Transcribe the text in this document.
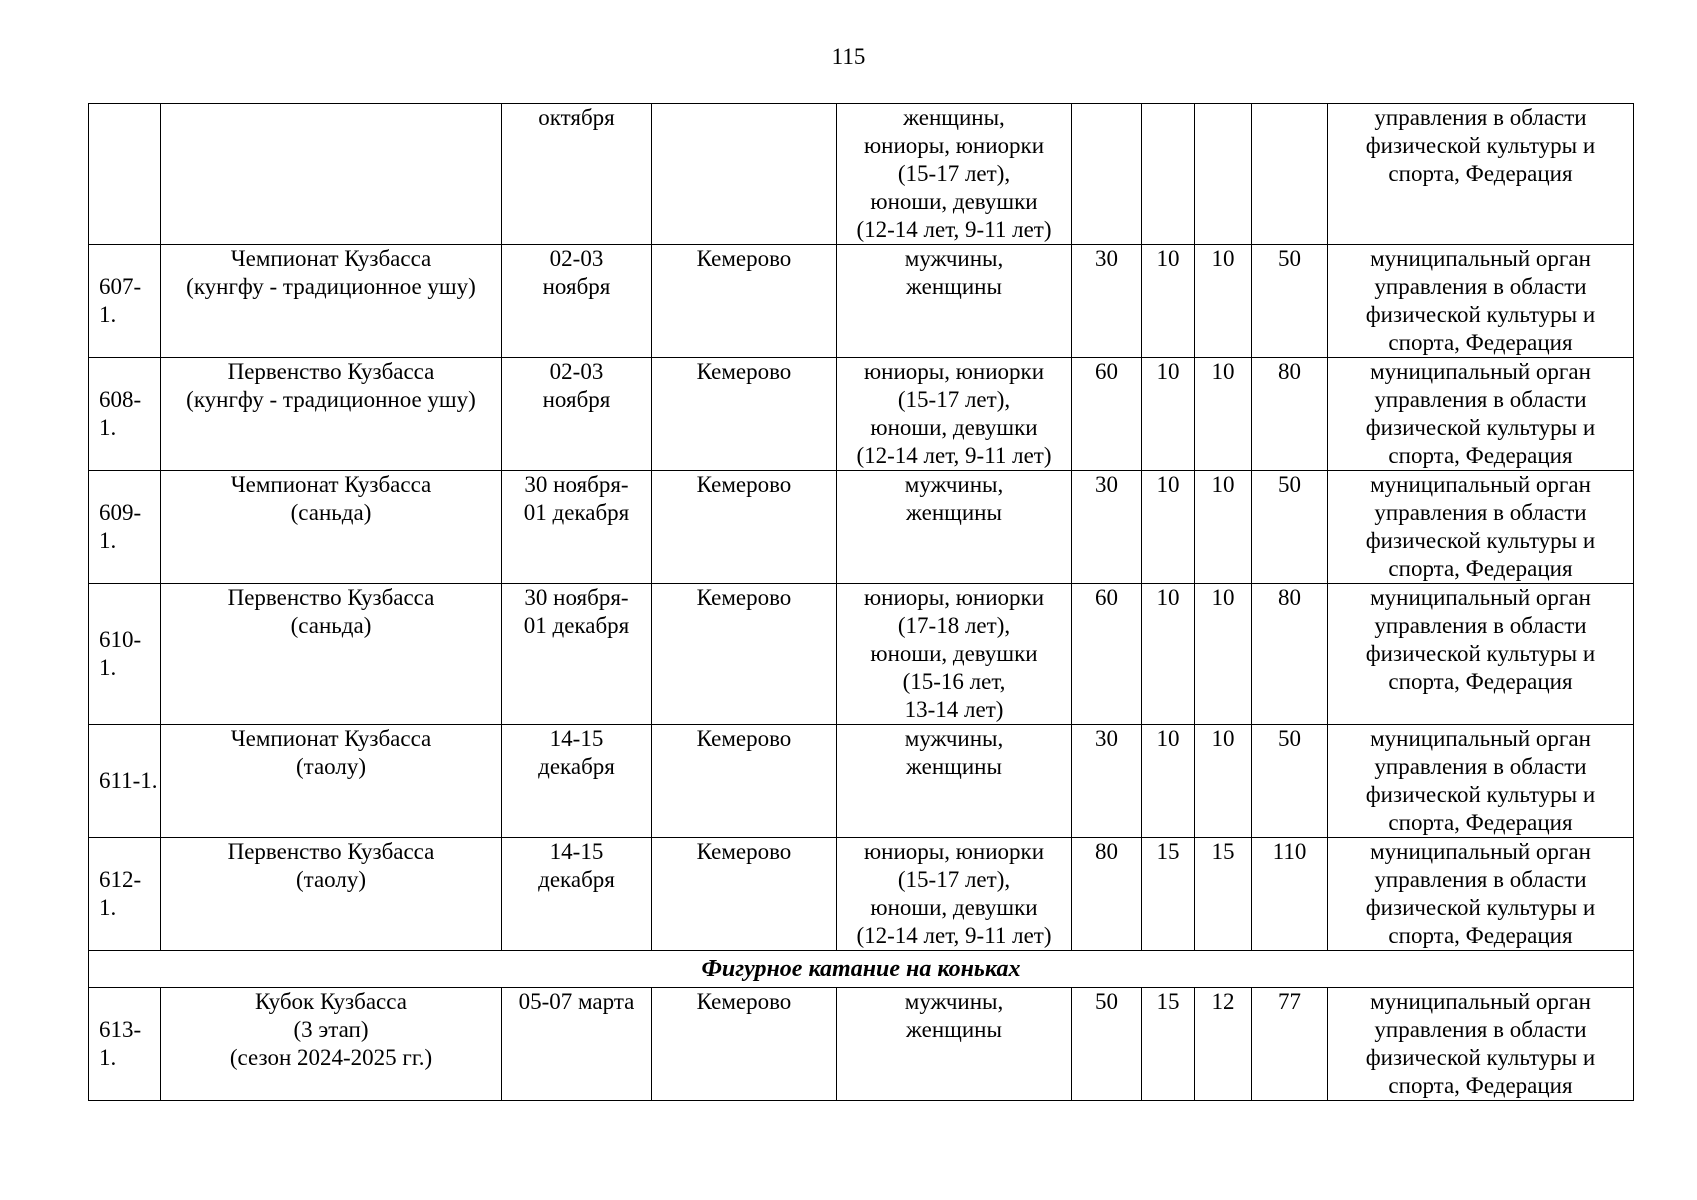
115
		октября		женщины,
юниоры, юниорки
(15-17 лет),
юноши, девушки
(12-14 лет, 9-11 лет)					управления в области
физической культуры и
спорта, Федерация
607-1.	Чемпионат Кузбасса
(кунгфу - традиционное ушу)	02-03
ноября	Кемерово	мужчины,
женщины	30	10	10	50	муниципальный орган
управления в области
физической культуры и
спорта, Федерация
608-1.	Первенство Кузбасса
(кунгфу - традиционное ушу)	02-03
ноября	Кемерово	юниоры, юниорки
(15-17 лет),
юноши, девушки
(12-14 лет, 9-11 лет)	60	10	10	80	муниципальный орган
управления в области
физической культуры и
спорта, Федерация
609-1.	Чемпионат Кузбасса
(саньда)	30 ноября-
01 декабря	Кемерово	мужчины,
женщины	30	10	10	50	муниципальный орган
управления в области
физической культуры и
спорта, Федерация
610-1.	Первенство Кузбасса
(саньда)	30 ноября-
01 декабря	Кемерово	юниоры, юниорки
(17-18 лет),
юноши, девушки
(15-16 лет,
13-14 лет)	60	10	10	80	муниципальный орган
управления в области
физической культуры и
спорта, Федерация
611-1.	Чемпионат Кузбасса
(таолу)	14-15
декабря	Кемерово	мужчины,
женщины	30	10	10	50	муниципальный орган
управления в области
физической культуры и
спорта, Федерация
612-1.	Первенство Кузбасса
(таолу)	14-15
декабря	Кемерово	юниоры, юниорки
(15-17 лет),
юноши, девушки
(12-14 лет, 9-11 лет)	80	15	15	110	муниципальный орган
управления в области
физической культуры и
спорта, Федерация
Фигурное катание на коньках									
613-1.	Кубок Кузбасса
(3 этап)
(сезон 2024-2025 гг.)	05-07 марта	Кемерово	мужчины,
женщины	50	15	12	77	муниципальный орган
управления в области
физической культуры и
спорта, Федерация
